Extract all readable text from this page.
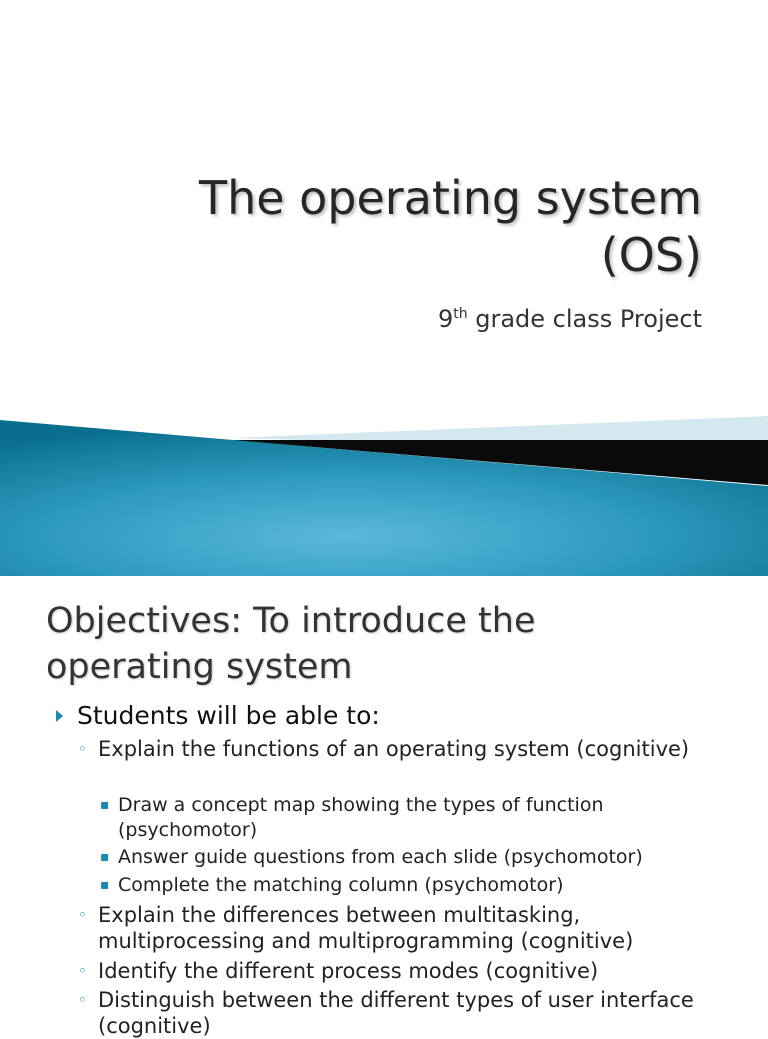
The operating system
(OS)
9th grade class Project
Objectives: To introduce the
operating system
Students will be able to:
◦ Explain the functions of an operating system (cognitive)
▪ Draw a concept map showing the types of function (psychomotor)
▪ Answer guide questions from each slide (psychomotor)
▪ Complete the matching column (psychomotor)
◦ Explain the differences between multitasking, multiprocessing and multiprogramming (cognitive)
◦ Identify the different process modes (cognitive)
◦ Distinguish between the different types of user interface (cognitive)
